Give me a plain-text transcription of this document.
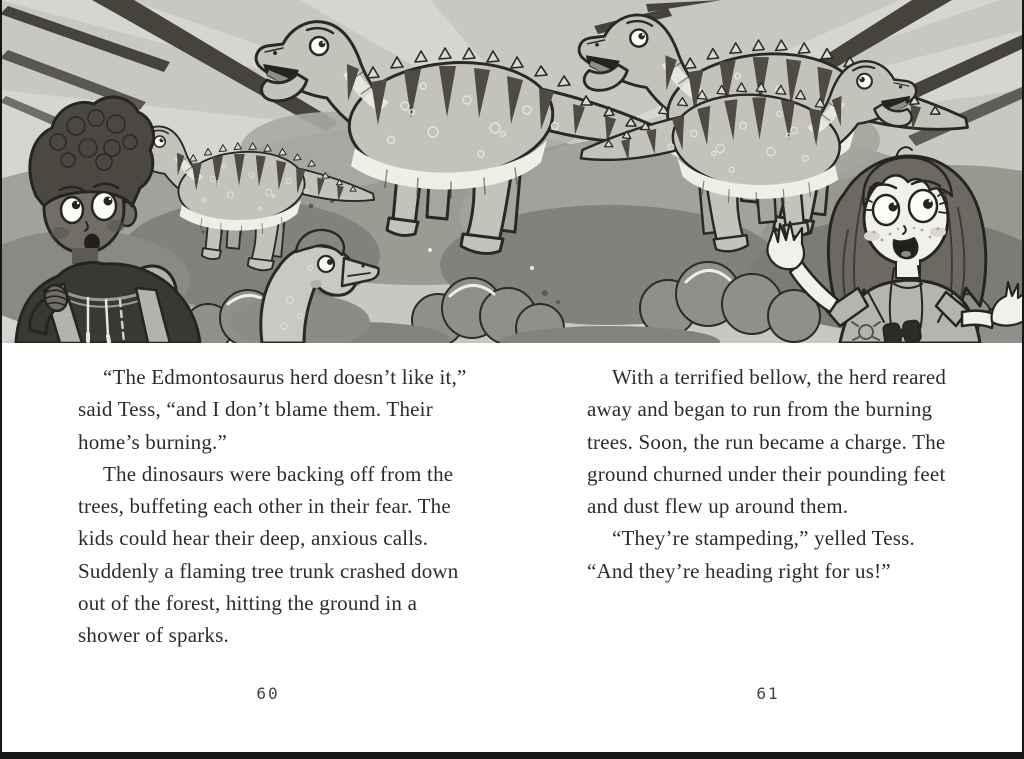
“The Edmontosaurus herd doesn’t like it,” said Tess, “and I don’t blame them. Their home’s burning.”

The dinosaurs were backing off from the trees, buffeting each other in their fear. The kids could hear their deep, anxious calls. Suddenly a flaming tree trunk crashed down out of the forest, hitting the ground in a shower of sparks.

With a terrified bellow, the herd reared away and began to run from the burning trees. Soon, the run became a charge. The ground churned under their pounding feet and dust flew up around them.

“They’re stampeding,” yelled Tess. “And they’re heading right for us!”

60	61
